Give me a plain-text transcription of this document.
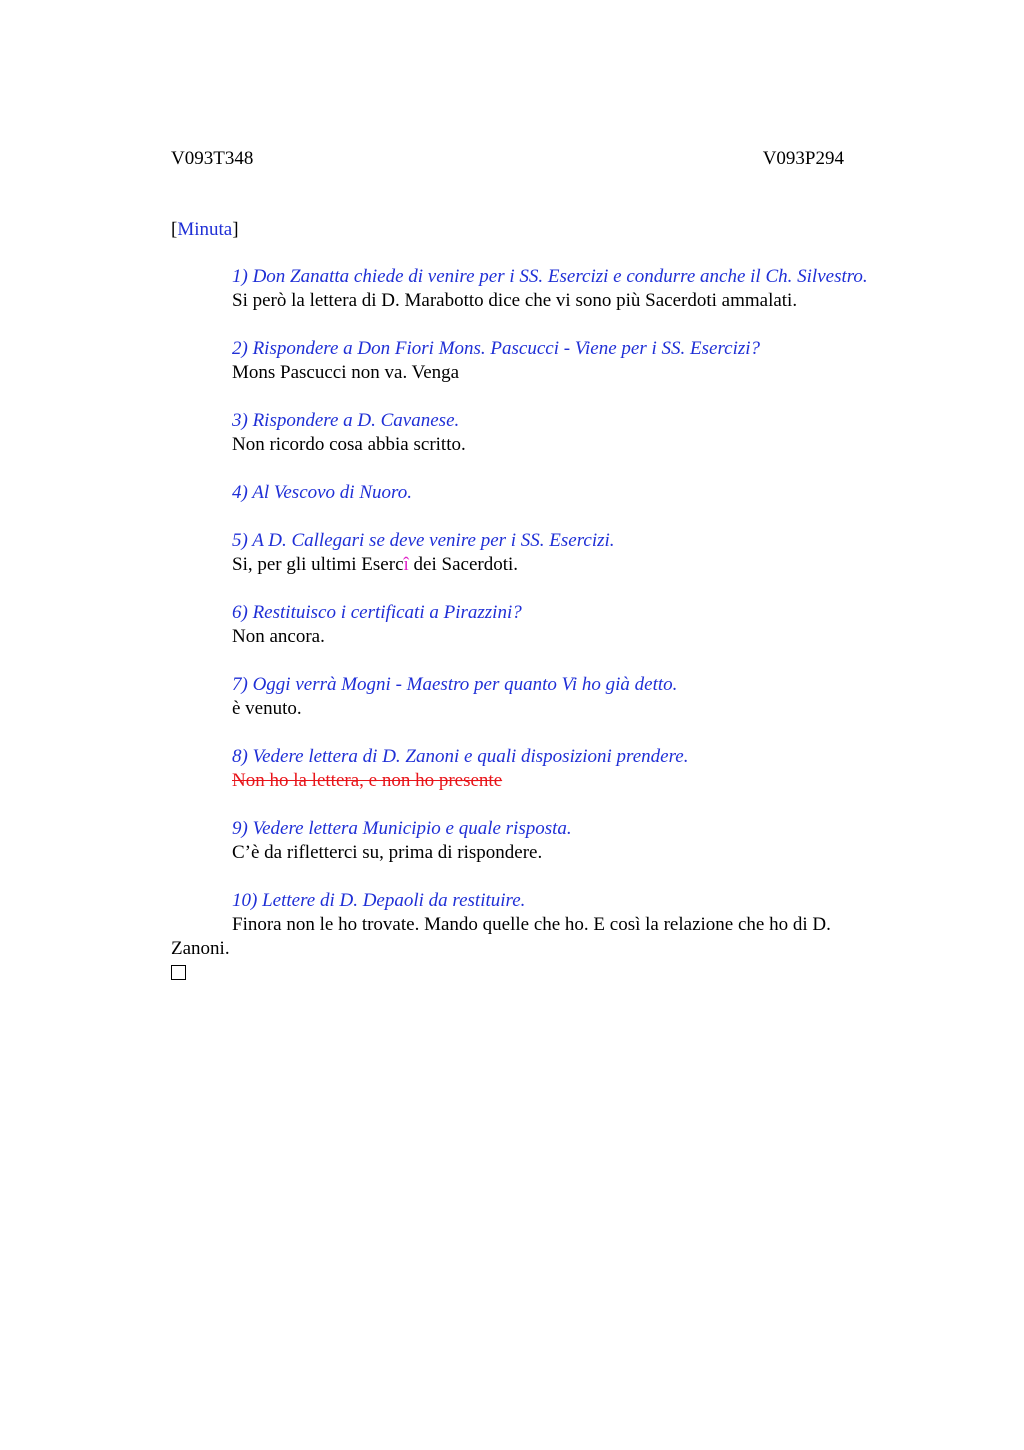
V093T348	V093P294
[Minuta]

1) Don Zanatta chiede di venire per i SS. Esercizi e condurre anche il Ch. Silvestro.

Si però la lettera di D. Marabotto dice che vi sono più Sacerdoti ammalati.

2) Rispondere a Don Fiori Mons. Pascucci - Viene per i SS. Esercizi?

Mons Pascucci non va. Venga

3) Rispondere a D. Cavanese.

Non ricordo cosa abbia scritto.

4) Al Vescovo di Nuoro.

5) A D. Callegari se deve venire per i SS. Esercizi.

Si, per gli ultimi Esercî dei Sacerdoti.

6) Restituisco i certificati a Pirazzini?

Non ancora.

7) Oggi verrà Mogni - Maestro per quanto Vi ho già detto.

è venuto.

8) Vedere lettera di D. Zanoni e quali disposizioni prendere.

Non ho la lettera, e non ho presente

9) Vedere lettera Municipio e quale risposta.

C’è da rifletterci su, prima di rispondere.

10) Lettere di D. Depaoli da restituire.

Finora non le ho trovate. Mando quelle che ho. E così la relazione che ho di D. Zanoni.
